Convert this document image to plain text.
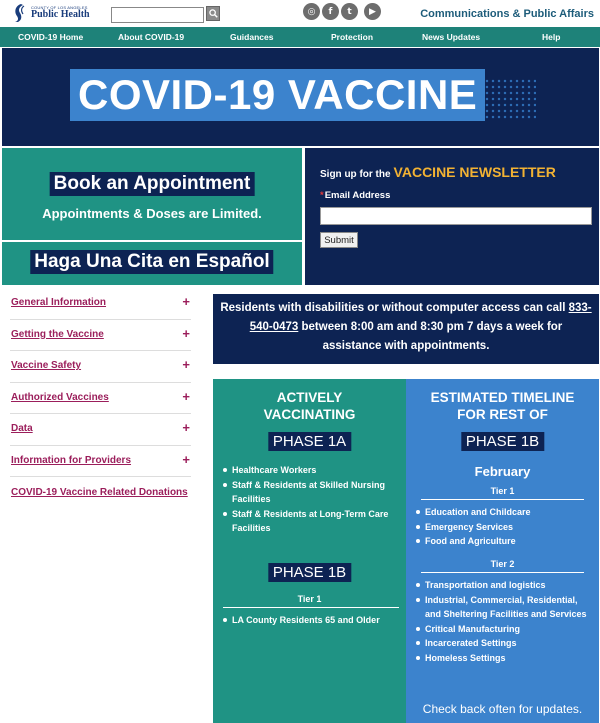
COUNTY OF LOS ANGELES
Public Health	◎	f	t	▶	Communications & Public Affairs
COVID-19 Home	About COVID-19	Guidances	Protection	News Updates	Help
COVID-19 VACCINE
Book an Appointment
Appointments & Doses are Limited.
Haga Una Cita en Español
Sign up for the VACCINE NEWSLETTER
*Email Address
Submit
General Information	+
Getting the Vaccine	+
Vaccine Safety	+
Authorized Vaccines	+
Data	+
Information for Providers	+
COVID-19 Vaccine Related Donations
Residents with disabilities or without computer access can call 833-540-0473 between 8:00 am and 8:30 pm 7 days a week for assistance with appointments.
ACTIVELY
VACCINATING
PHASE 1A
Healthcare Workers
Staff & Residents at Skilled Nursing Facilities
Staff & Residents at Long-Term Care Facilities
PHASE 1B
Tier 1
LA County Residents 65 and Older
ESTIMATED TIMELINE
FOR REST OF
PHASE 1B
February
Tier 1
Education and Childcare
Emergency Services
Food and Agriculture
Tier 2
Transportation and logistics
Industrial, Commercial, Residential, and Sheltering Facilities and Services
Critical Manufacturing
Incarcerated Settings
Homeless Settings
Check back often for updates.
